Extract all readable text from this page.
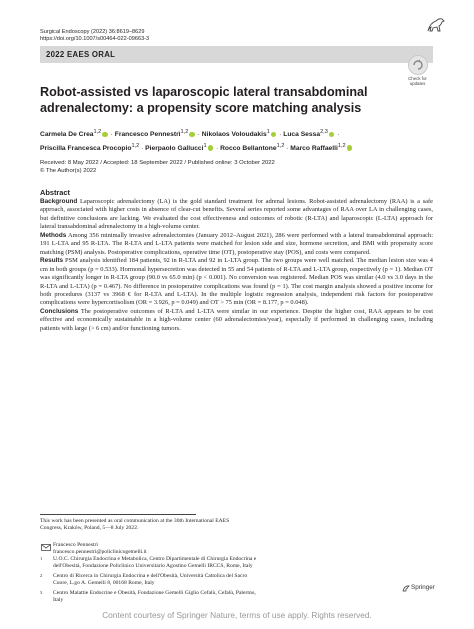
Surgical Endoscopy (2022) 36:8619–8629
https://doi.org/10.1007/s00464-022-09663-3
2022 EAES ORAL
Check for
updates
Robot-assisted vs laparoscopic lateral transabdominal adrenalectomy: a propensity score matching analysis
Carmela De Crea$^{1,2}$ · Francesco Pennestrì$^{1,2}$ · Nikolaos Voloudakis$^1$ · Luca Sessa$^{2,3}$ ·
Priscilla Francesca Procopio$^{1,2}$ · Pierpaolo Gallucci$^1$ · Rocco Bellantone$^{1,2}$ · Marco Raffaelli$^{1,2}$
Received: 8 May 2022 / Accepted: 18 September 2022 / Published online: 3 October 2022
© The Author(s) 2022
Abstract
Background Laparoscopic adrenalectomy (LA) is the gold standard treatment for adrenal lesions. Robot-assisted adrenalectomy (RAA) is a safe approach, associated with higher costs in absence of clear-cut benefits. Several series reported some advantages of RAA over LA in challenging cases, but definitive conclusions are lacking. We evaluated the cost effectiveness and outcomes of robotic (R-LTA) and laparoscopic (L-LTA) approach for lateral transabdominal adrenalectomy in a high-volume center.
Methods Among 356 minimally invasive adrenalectomies (January 2012–August 2021), 286 were performed with a lateral transabdominal approach: 191 L-LTA and 95 R-LTA. The R-LTA and L-LTA patients were matched for lesion side and size, hormone secretion, and BMI with propensity score matching (PSM) analysis. Postoperative complications, operative time (OT), postoperative stay (POS), and costs were compared.
Results PSM analysis identified 184 patients, 92 in R-LTA and 92 in L-LTA group. The two groups were well matched. The median lesion size was 4 cm in both groups (p = 0.533). Hormonal hypersecretion was detected in 55 and 54 patients of R-LTA and L-LTA group, respectively (p = 1). Median OT was significantly longer in R-LTA group (90.0 vs 65.0 min) (p < 0.001). No conversion was registered. Median POS was similar (4.0 vs 3.0 days in the R-LTA and L-LTA) (p = 0.467). No difference in postoperative complications was found (p = 1). The cost margin analysis showed a positive income for both procedures (3137 vs 3968 € for R-LTA and L-LTA). In the multiple logistic regression analysis, independent risk factors for postoperative complications were hypercortisolism (OR = 3.926, p = 0.049) and OT > 75 min (OR = 8.177, p = 0.048).
Conclusions The postoperative outcomes of R-LTA and L-LTA were similar in our experience. Despite the higher cost, RAA appears to be cost effective and economically sustainable in a high-volume center (60 adrenalectomies/year), especially if performed in challenging cases, including patients with large (> 6 cm) and/or functioning tumors.
This work has been presented as oral communication at the 30th International EAES Congress, Kraków, Poland, 5—8 July 2022.
Francesco Pennestrì
francesco.pennestri@policlinicogemelli.it
1 U.O.C. Chirurgia Endocrina e Metabolica, Centro Dipartimentale di Chirurgia Endocrina e dell'Obesità, Fondazione Policlinico Universitario Agostino Gemelli IRCCS, Rome, Italy
Springer
Content courtesy of Springer Nature, terms of use apply. Rights reserved.
2 Centro di Ricerca in Chirurgia Endocrina e dell'Obesità, Università Cattolica del Sacro Cuore, L.go A. Gemelli 8, 00168 Rome, Italy
3 Centro Malattie Endocrine e Obesità, Fondazione Gemelli Giglio Cefalù, Cefalù, Palermo, Italy
